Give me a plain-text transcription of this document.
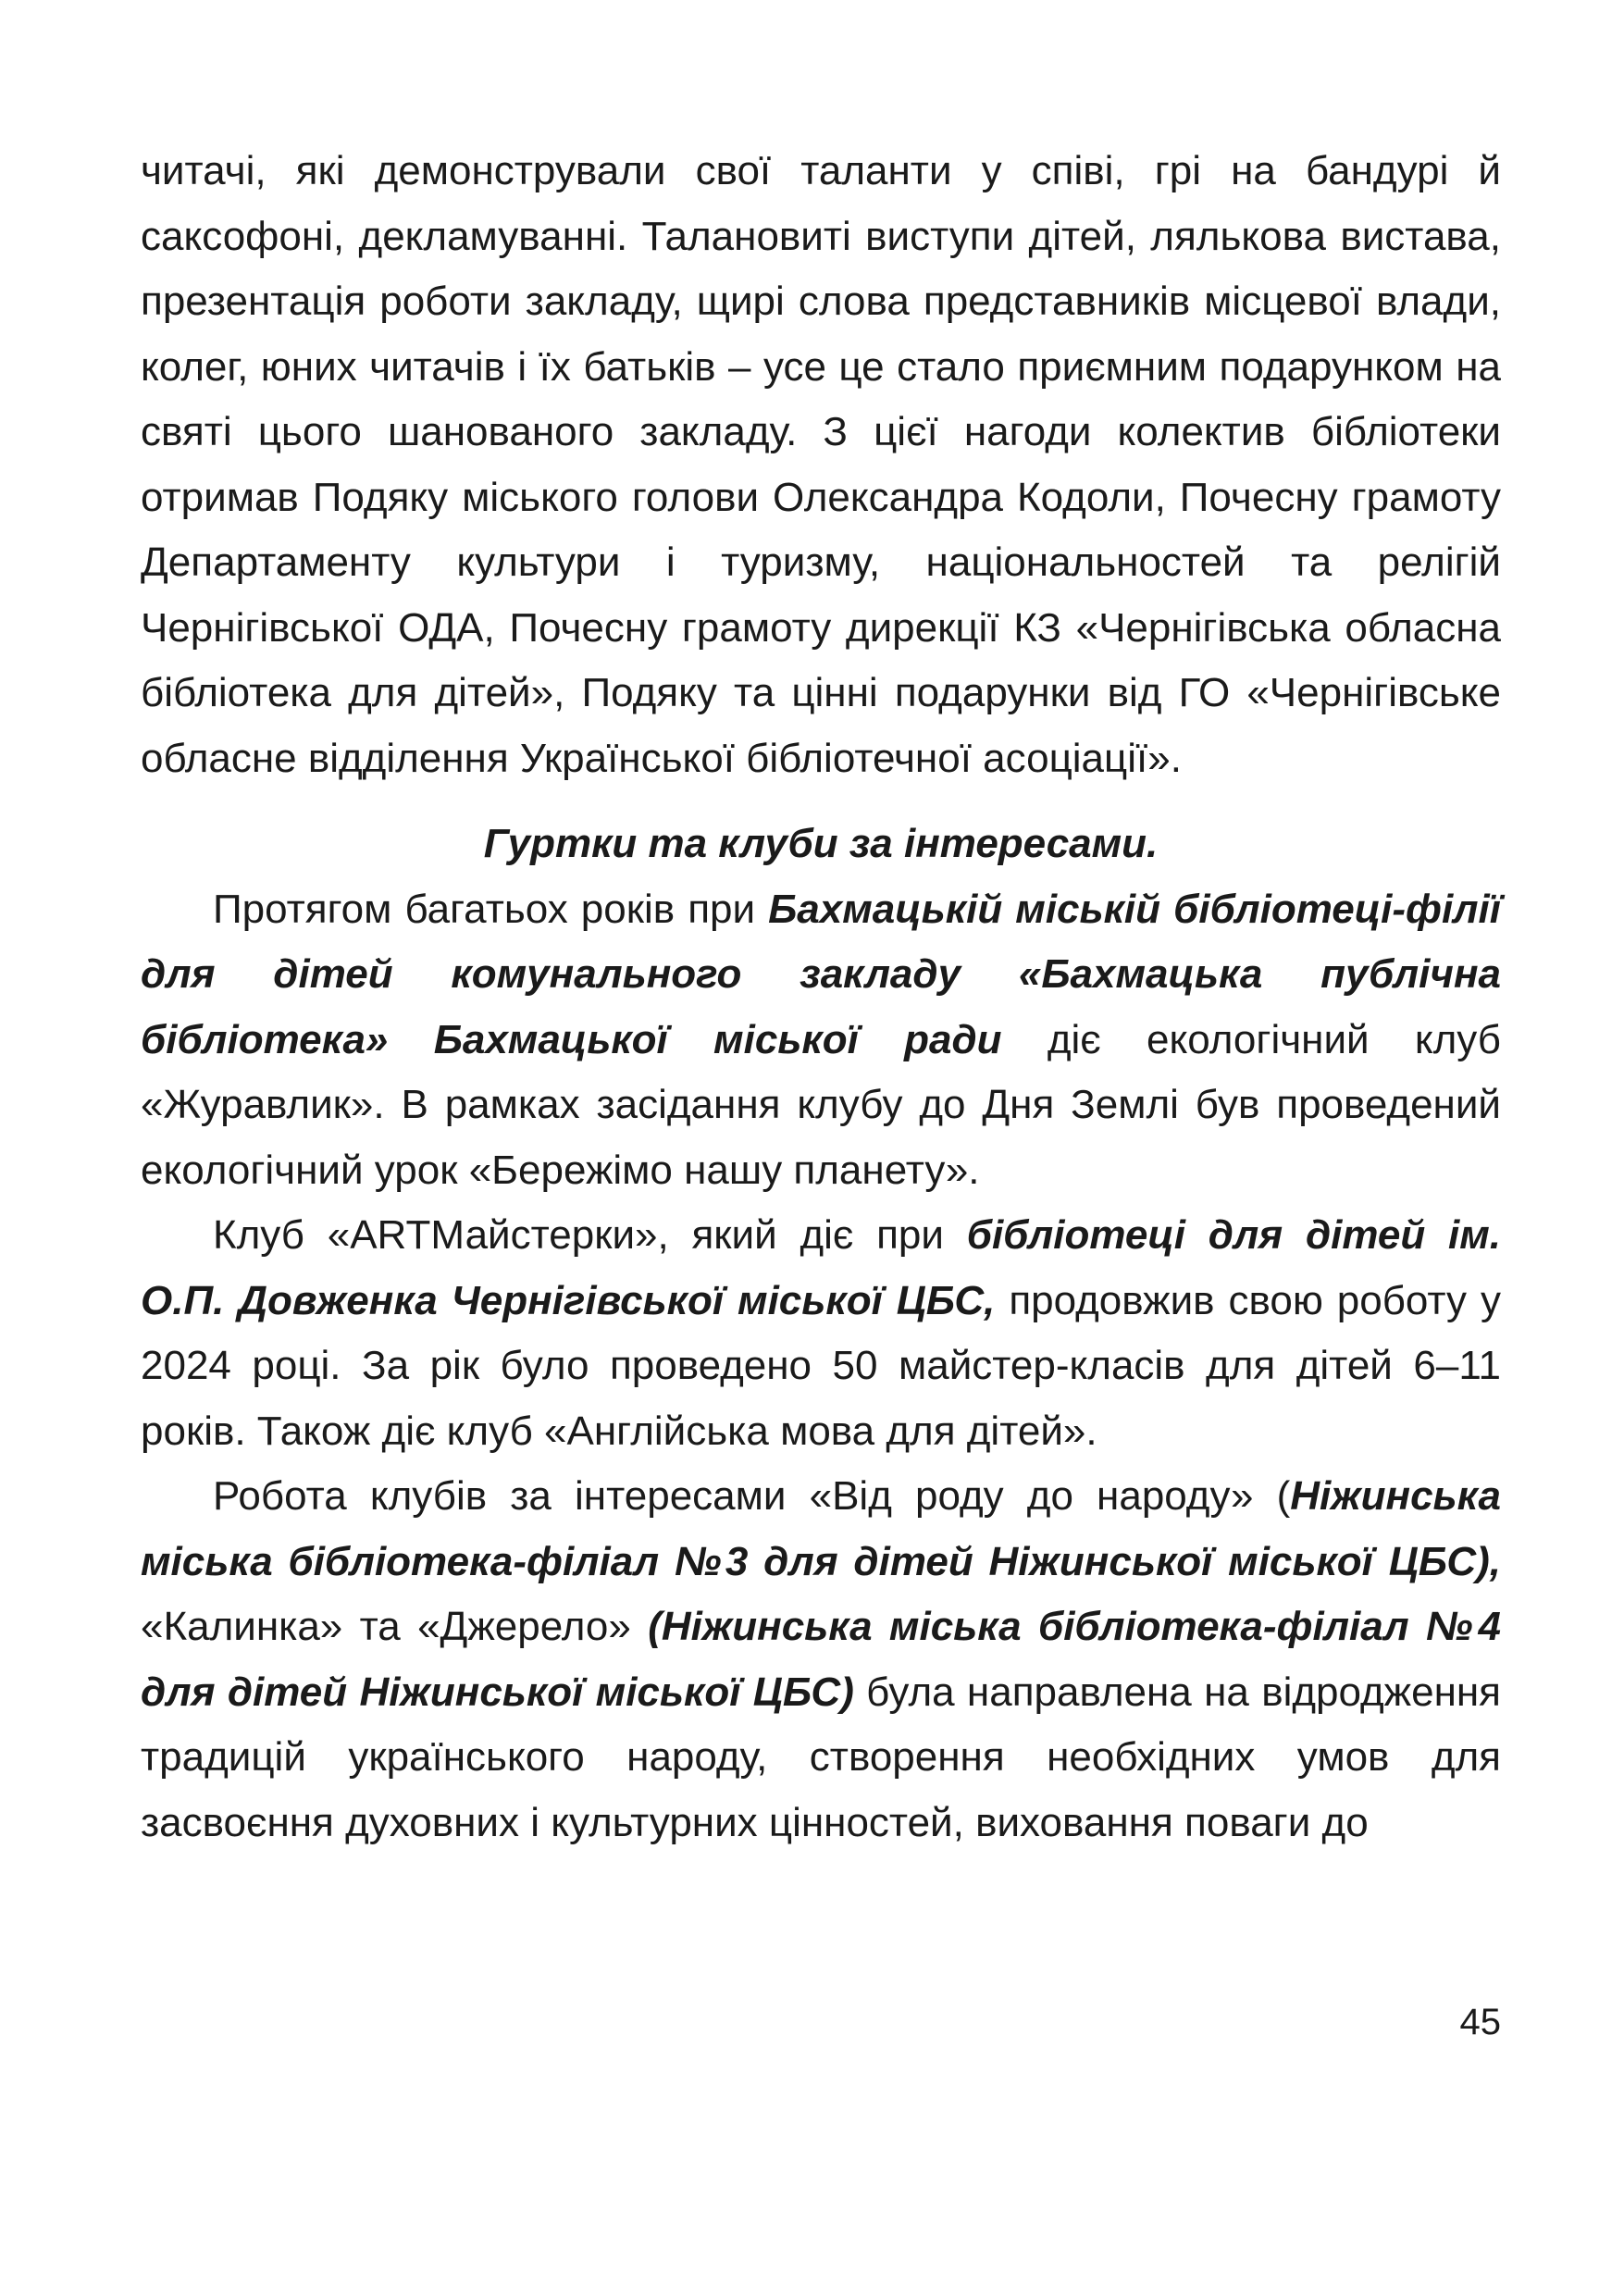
читачі, які демонстрували свої таланти у співі, грі на бандурі й саксофоні, декламуванні. Талановиті виступи дітей, лялькова вистава, презентація роботи закладу, щирі слова представників місцевої влади, колег, юних читачів і їх батьків – усе це стало приємним подарунком на святі цього шанованого закладу. З цієї нагоди колектив бібліотеки отримав Подяку міського голови Олександра Кодоли, Почесну грамоту Департаменту культури і туризму, національностей та релігій Чернігівської ОДА, Почесну грамоту дирекції КЗ «Чернігівська обласна бібліотека для дітей», Подяку та цінні подарунки від ГО «Чернігівське обласне відділення Української бібліотечної асоціації».

Гуртки та клуби за інтересами.

Протягом багатьох років при Бахмацькій міській бібліотеці-філії для дітей комунального закладу «Бахмацька публічна бібліотека» Бахмацької міської ради діє екологічний клуб «Журавлик». В рамках засідання клубу до Дня Землі був проведений екологічний урок «Бережімо нашу планету».

Клуб «ARTМайстерки», який діє при бібліотеці для дітей ім. О.П. Довженка Чернігівської міської ЦБС, продовжив свою роботу у 2024 році. За рік було проведено 50 майстер-класів для дітей 6–11 років. Також діє клуб «Англійська мова для дітей».

Робота клубів за інтересами «Від роду до народу» (Ніжинська міська бібліотека-філіал №3 для дітей Ніжинської міської ЦБС), «Калинка» та «Джерело» (Ніжинська міська бібліотека-філіал №4 для дітей Ніжинської міської ЦБС) була направлена на відродження традицій українського народу, створення необхідних умов для засвоєння духовних і культурних цінностей, виховання поваги до

45
